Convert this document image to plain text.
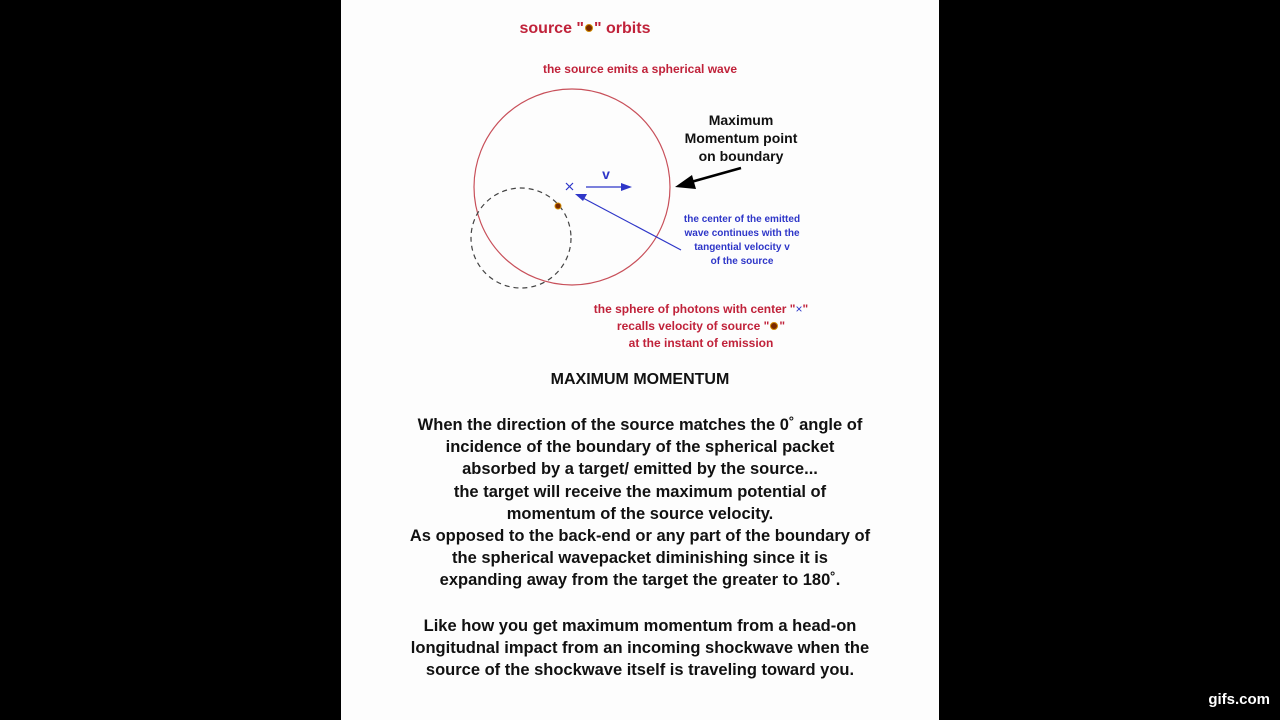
source " " orbits
the source emits a spherical wave
Maximum
Momentum point
on boundary
v
the center of the emitted
wave continues with the
tangential velocity v
of the source
the sphere of photons with center "×"
recalls velocity of source " "
at the instant of emission
MAXIMUM MOMENTUM
When the direction of the source matches the 0˚ angle of
incidence of the boundary of the spherical packet
absorbed by a target/ emitted by the source...
the target will receive the maximum potential of
momentum of the source velocity.
As opposed to the back-end or any part of the boundary of
the spherical wavepacket diminishing since it is
expanding away from the target the greater to 180˚.
Like how you get maximum momentum from a head-on
longitudnal impact from an incoming shockwave when the
source of the shockwave itself is traveling toward you.
gifs.com
